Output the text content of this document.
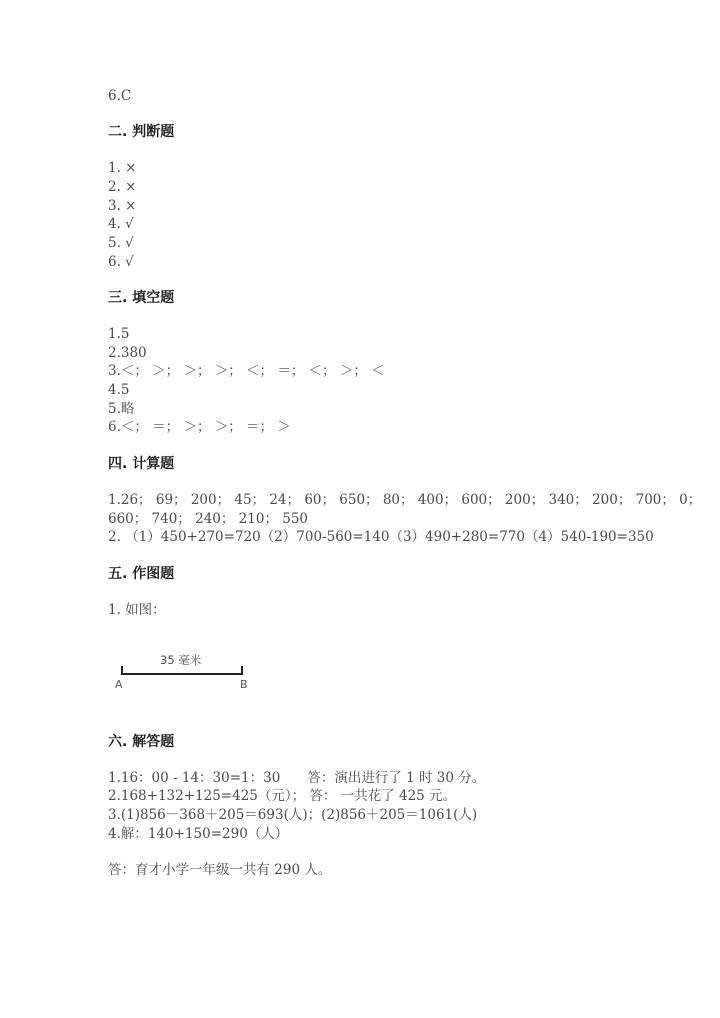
6.C
二. 判断题
1. ×
2. ×
3. ×
4. √
5. √
6. √
三. 填空题
1.5
2.380
3.＜； ＞； ＞； ＞； ＜； ＝； ＜； ＞； ＜
4.5
5.略
6.＜； ＝； ＞； ＞； ＝； ＞
四. 计算题
1.26； 69； 200； 45； 24； 60； 650； 80； 400； 600； 200； 340； 200； 700； 0；
660； 740； 240； 210； 550
2. （1）450+270=720（2）700-560=140（3）490+280=770（4）540-190=350
五. 作图题
1. 如图：
35 毫米
A	B
六. 解答题
1.16：00 - 14：30=1：30　　答：演出进行了 1 时 30 分。
2.168+132+125=425（元）； 答： 一共花了 425 元。
3.(1)856－368＋205＝693(人)；(2)856＋205＝1061(人)
4.解：140+150=290（人）
答：育才小学一年级一共有 290 人。
